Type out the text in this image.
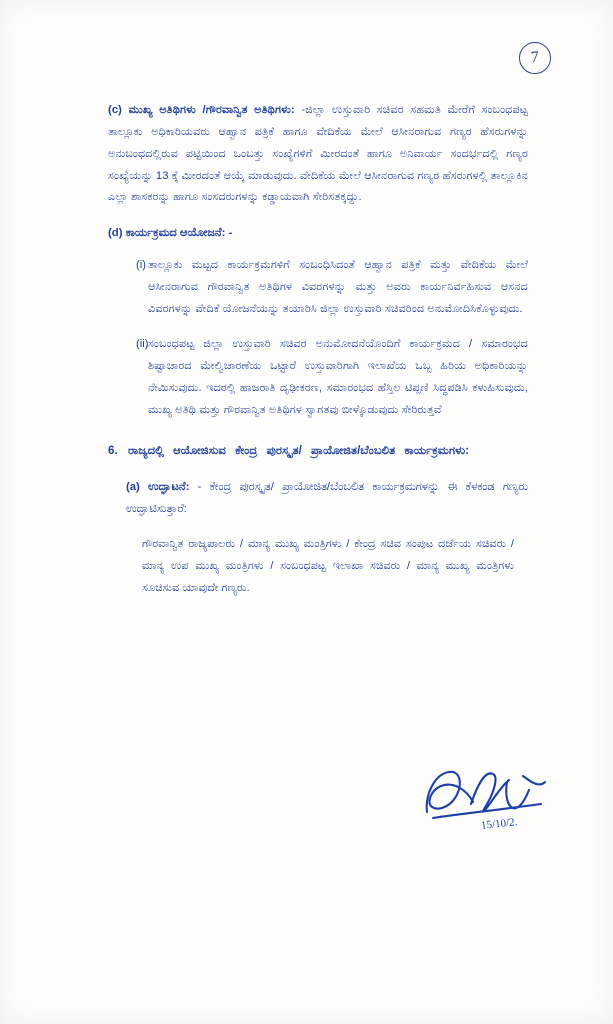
7

(c) ಮುಖ್ಯ ಅತಿಥಿಗಳು /ಗೌರವಾನ್ವಿತ ಅತಿಥಿಗಳು: -ಜಿಲ್ಲಾ ಉಸ್ತುವಾರಿ ಸಚಿವರ ಸಹಮತಿ ಮೇರೆಗೆ ಸಂಬಂಧಪಟ್ಟ ತಾಲ್ಲೂಕು ಅಧಿಕಾರಿಯವರು ಆಹ್ವಾನ ಪತ್ರಿಕೆ ಹಾಗೂ ವೇದಿಕೆಯ ಮೇಲೆ ಆಸೀನರಾಗುವ ಗಣ್ಯರ ಹೆಸರುಗಳನ್ನು ಅನುಬಂಧದಲ್ಲಿರುವ ಪಟ್ಟಿಯಿಂದ ಒಂಬತ್ತು ಸಂಖ್ಯೆಗಳಿಗೆ ಮೀರದಂತೆ ಹಾಗೂ ಅನಿವಾರ್ಯ ಸಂದರ್ಭದಲ್ಲಿ ಗಣ್ಯರ ಸಂಖ್ಯೆಯನ್ನು 13 ಕ್ಕೆ ಮೀರದಂತೆ ಆಯ್ಕೆ ಮಾಡುವುದು. ವೇದಿಕೆಯ ಮೇಲೆ ಆಸೀನರಾಗುವ ಗಣ್ಯರ ಹೆಸರುಗಳಲ್ಲಿ ತಾಲ್ಲೂಕಿನ ಎಲ್ಲಾ ಶಾಸಕರನ್ನು ಹಾಗೂ ಸಂಸದರುಗಳನ್ನು ಕಡ್ಡಾಯವಾಗಿ ಸೇರಿಸತಕ್ಕದ್ದು.

(d) ಕಾರ್ಯಕ್ರಮದ ಆಯೋಜನೆ: -

(i) ತಾಲ್ಲೂಕು ಮಟ್ಟದ ಕಾರ್ಯಕ್ರಮಗಳಿಗೆ ಸಂಬಂಧಿಸಿದಂತೆ ಆಹ್ವಾನ ಪತ್ರಿಕೆ ಮತ್ತು ವೇದಿಕೆಯ ಮೇಲೆ ಆಸೀನರಾಗುವ ಗೌರವಾನ್ವಿತ ಅತಿಥಿಗಳ ವಿವರಗಳನ್ನು ಮತ್ತು ಅವರು ಕಾರ್ಯನಿರ್ವಹಿಸುವ ಆಸನದ ವಿವರಗಳನ್ನು ವೇದಿಕೆ ಯೋಜನೆಯನ್ನು ತಯಾರಿಸಿ ಜಿಲ್ಲಾ ಉಸ್ತುವಾರಿ ಸಚಿವರಿಂದ ಅನುಮೋದಿಸಿಕೊಳ್ಳುವುದು.
(ii) ಸಂಬಂಧಪಟ್ಟ ಜಿಲ್ಲಾ ಉಸ್ತುವಾರಿ ಸಚಿವರ ಅನುಮೋದನೆಯೊಂದಿಗೆ ಕಾರ್ಯಕ್ರಮದ / ಸಮಾರಂಭದ ಶಿಷ್ಟಾಚಾರದ ಮೇಲ್ವಿಚಾರಣೆಯ ಒಟ್ಟಾರೆ ಉಸ್ತುವಾರಿಗಾಗಿ ಇಲಾಖೆಯ ಒಬ್ಬ ಹಿರಿಯ ಅಧಿಕಾರಿಯನ್ನು ನೇಮಿಸುವುದು. ಇದರಲ್ಲಿ ಹಾಜರಾತಿ ದೃಢೀಕರಣ, ಸಮಾರಂಭದ ಹೆಸ್ತಿಲ ಟಿಪ್ಪಣಿ ಸಿದ್ಧಪಡಿಸಿ ಕಳುಹಿಸುವುದು, ಮುಖ್ಯ ಅತಿಥಿ ಮತ್ತು ಗೌರವಾನ್ವಿತ ಅತಿಥಿಗಳ ಸ್ವಾಗತವು ಬೀಳ್ಕೊಡುವುದು ಸೇರಿರುತ್ತವೆ
6. ರಾಜ್ಯದಲ್ಲಿ ಆಯೋಜಿಸುವ ಕೇಂದ್ರ ಪುರಸ್ಕೃತ/ ಪ್ರಾಯೋಜಿತ/ಬೆಂಬಲಿತ ಕಾರ್ಯಕ್ರಮಗಳು:

(a) ಉದ್ಘಾಟನೆ: - ಕೇಂದ್ರ ಪುರಸ್ಕೃತ/ ಪ್ರಾಯೋಜಿತ/ಬೆಂಬಲಿತ ಕಾರ್ಯಕ್ರಮಗಳನ್ನು ಈ ಕೆಳಕಂಡ ಗಣ್ಯರು ಉದ್ಘಾಟಿಸುತ್ತಾರೆ:

ಗೌರವಾನ್ವಿತ ರಾಜ್ಯಪಾಲರು / ಮಾನ್ಯ ಮುಖ್ಯ ಮಂತ್ರಿಗಳು / ಕೇಂದ್ರ ಸಚಿವ ಸಂಪುಟ ದರ್ಜೆಯ ಸಚಿವರು / ಮಾನ್ಯ ಉಪ ಮುಖ್ಯ ಮಂತ್ರಿಗಳು / ಸಂಬಂಧಪಟ್ಟ ಇಲಾಖಾ ಸಚಿವರು / ಮಾನ್ಯ ಮುಖ್ಯ ಮಂತ್ರಿಗಳು ಸೂಚಿಸುವ ಯಾವುದೇ ಗಣ್ಯರು.

15/10/2.
